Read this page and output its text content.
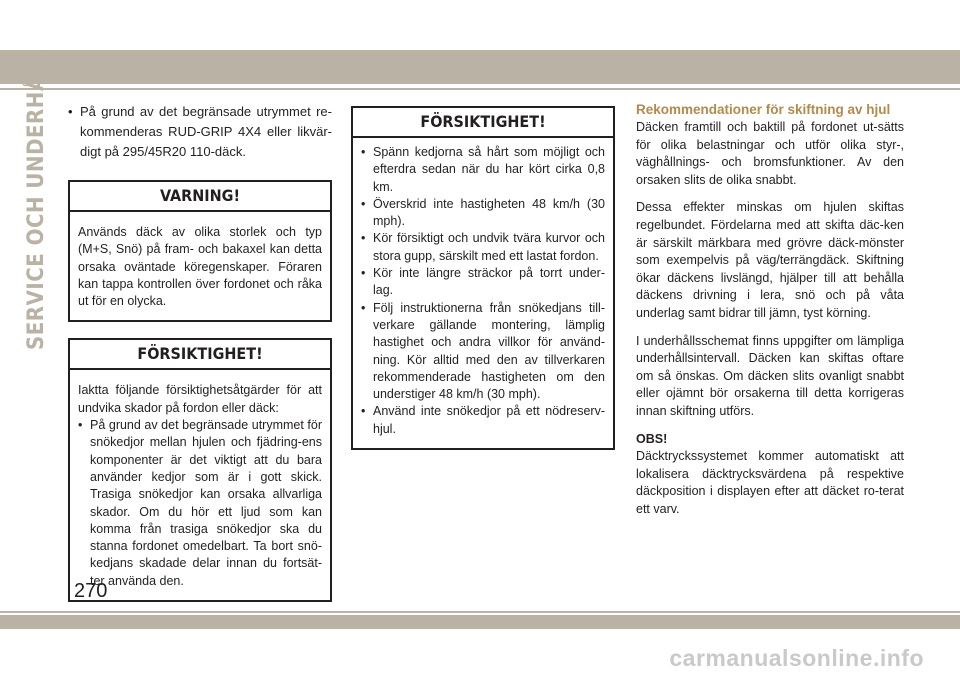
SERVICE OCH UNDERHÅLL

•	På grund av det begränsade utrymmet re-kommenderas RUD-GRIP 4X4 eller likvär-digt på 295/45R20 110-däck.

VARNING!

Används däck av olika storlek och typ (M+S, Snö) på fram- och bakaxel kan detta orsaka oväntade köregenskaper. Föraren kan tappa kontrollen över fordonet och råka ut för en olycka.

FÖRSIKTIGHET!

Iaktta följande försiktighetsåtgärder för att undvika skador på fordon eller däck:

• På grund av det begränsade utrymmet för snökedjor mellan hjulen och fjädring-ens komponenter är det viktigt att du bara använder kedjor som är i gott skick. Trasiga snökedjor kan orsaka allvarliga skador. Om du hör ett ljud som kan komma från trasiga snökedjor ska du stanna fordonet omedelbart. Ta bort snö-kedjans skadade delar innan du fortsät-ter använda den.

FÖRSIKTIGHET!

• Spänn kedjorna så hårt som möjligt och efterdra sedan när du har kört cirka 0,8 km.

• Överskrid inte hastigheten 48 km/h (30 mph).

• Kör försiktigt och undvik tvära kurvor och stora gupp, särskilt med ett lastat fordon.

• Kör inte längre sträckor på torrt under-lag.

• Följ instruktionerna från snökedjans till-verkare gällande montering, lämplig hastighet och andra villkor för använd-ning. Kör alltid med den av tillverkaren rekommenderade hastigheten om den understiger 48 km/h (30 mph).

• Använd inte snökedjor på ett nödreserv-hjul.

Rekommendationer för skiftning av hjul

Däcken framtill och baktill på fordonet ut-sätts för olika belastningar och utför olika styr-, väghållnings- och bromsfunktioner. Av den orsaken slits de olika snabbt.

Dessa effekter minskas om hjulen skiftas regelbundet. Fördelarna med att skifta däc-ken är särskilt märkbara med grövre däck-mönster som exempelvis på väg/terrängdäck. Skiftning ökar däckens livslängd, hjälper till att behålla däckens drivning i lera, snö och på våta underlag samt bidrar till jämn, tyst körning.

I underhållsschemat finns uppgifter om lämpliga underhållsintervall. Däcken kan skiftas oftare om så önskas. Om däcken slits ovanligt snabbt eller ojämnt bör orsakerna till detta korrigeras innan skiftning utförs.

OBS!

Däcktryckssystemet kommer automatiskt att lokalisera däcktrycksvärdena på respektive däckposition i displayen efter att däcket ro-terat ett varv.

270
carmanualsonline.info
